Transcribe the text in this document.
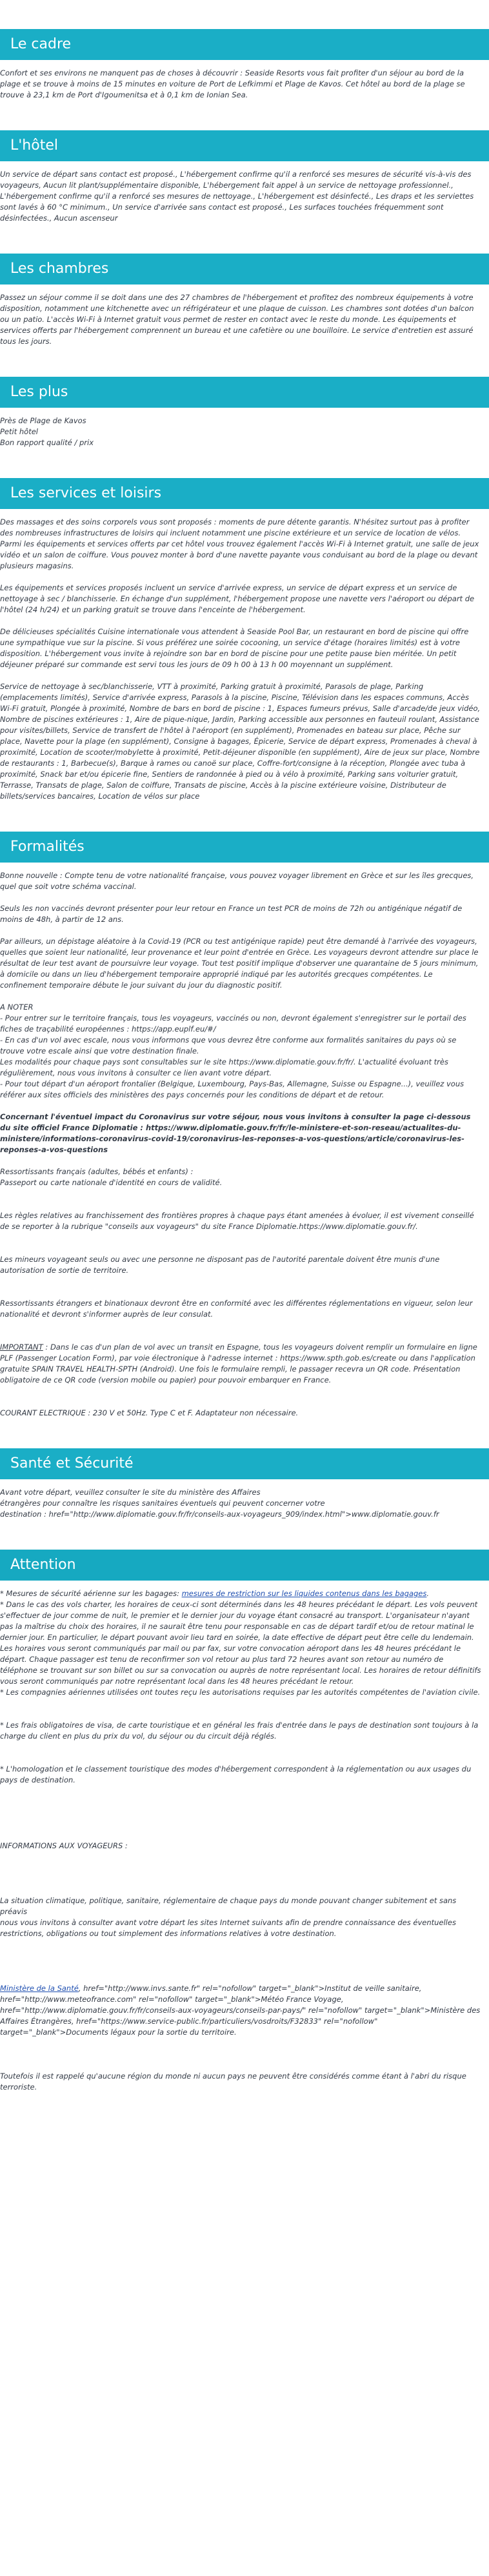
Le cadre

Confort et ses environs ne manquent pas de choses à découvrir : Seaside Resorts vous fait profiter d'un séjour au bord de la plage et se trouve à moins de 15 minutes en voiture de Port de Lefkimmi et Plage de Kavos. Cet hôtel au bord de la plage se trouve à 23,1 km de Port d'Igoumenitsa et à 0,1 km de Ionian Sea.

L'hôtel

Un service de départ sans contact est proposé., L'hébergement confirme qu'il a renforcé ses mesures de sécurité vis-à-vis des voyageurs, Aucun lit plant/supplémentaire disponible, L'hébergement fait appel à un service de nettoyage professionnel., L'hébergement confirme qu'il a renforcé ses mesures de nettoyage., L'hébergement est désinfecté., Les draps et les serviettes sont lavés à 60 °C minimum., Un service d'arrivée sans contact est proposé., Les surfaces touchées fréquemment sont désinfectées., Aucun ascenseur

Les chambres

Passez un séjour comme il se doit dans une des 27 chambres de l'hébergement et profitez des nombreux équipements à votre disposition, notamment une kitchenette avec un réfrigérateur et une plaque de cuisson. Les chambres sont dotées d'un balcon ou un patio. L'accès Wi-Fi à Internet gratuit vous permet de rester en contact avec le reste du monde. Les équipements et services offerts par l'hébergement comprennent un bureau et une cafetière ou une bouilloire. Le service d'entretien est assuré tous les jours.

Les plus

Près de Plage de Kavos

Petit hôtel

Bon rapport qualité / prix

Les services et loisirs

Des massages et des soins corporels vous sont proposés : moments de pure détente garantis. N'hésitez surtout pas à profiter des nombreuses infrastructures de loisirs qui incluent notamment une piscine extérieure et un service de location de vélos. Parmi les équipements et services offerts par cet hôtel vous trouvez également l'accès Wi-Fi à Internet gratuit, une salle de jeux vidéo et un salon de coiffure. Vous pouvez monter à bord d'une navette payante vous conduisant au bord de la plage ou devant plusieurs magasins.

Les équipements et services proposés incluent un service d'arrivée express, un service de départ express et un service de nettoyage à sec / blanchisserie. En échange d'un supplément, l'hébergement propose une navette vers l'aéroport ou départ de l'hôtel (24 h/24) et un parking gratuit se trouve dans l'enceinte de l'hébergement.

De délicieuses spécialités Cuisine internationale vous attendent à Seaside Pool Bar, un restaurant en bord de piscine qui offre une sympathique vue sur la piscine. Si vous préférez une soirée cocooning, un service d'étage (horaires limités) est à votre disposition. L'hébergement vous invite à rejoindre son bar en bord de piscine pour une petite pause bien méritée. Un petit déjeuner préparé sur commande est servi tous les jours de 09 h 00 à 13 h 00 moyennant un supplément.

Service de nettoyage à sec/blanchisserie, VTT à proximité, Parking gratuit à proximité, Parasols de plage, Parking (emplacements limités), Service d'arrivée express, Parasols à la piscine, Piscine, Télévision dans les espaces communs, Accès Wi-Fi gratuit, Plongée à proximité, Nombre de bars en bord de piscine : 1, Espaces fumeurs prévus, Salle d'arcade/de jeux vidéo, Nombre de piscines extérieures : 1, Aire de pique-nique, Jardin, Parking accessible aux personnes en fauteuil roulant, Assistance pour visites/billets, Service de transfert de l'hôtel à l'aéroport (en supplément), Promenades en bateau sur place, Pêche sur place, Navette pour la plage (en supplément), Consigne à bagages, Épicerie, Service de départ express, Promenades à cheval à proximité, Location de scooter/mobylette à proximité, Petit-déjeuner disponible (en supplément), Aire de jeux sur place, Nombre de restaurants : 1, Barbecue(s), Barque à rames ou canoë sur place, Coffre-fort/consigne à la réception, Plongée avec tuba à proximité, Snack bar et/ou épicerie fine, Sentiers de randonnée à pied ou à vélo à proximité, Parking sans voiturier gratuit, Terrasse, Transats de plage, Salon de coiffure, Transats de piscine, Accès à la piscine extérieure voisine, Distributeur de billets/services bancaires, Location de vélos sur place

Formalités

Bonne nouvelle : Compte tenu de votre nationalité française, vous pouvez voyager librement en Grèce et sur les îles grecques, quel que soit votre schéma vaccinal.

Seuls les non vaccinés devront présenter pour leur retour en France un test PCR de moins de 72h ou antigénique négatif de moins de 48h, à partir de 12 ans.

Par ailleurs, un dépistage aléatoire à la Covid-19 (PCR ou test antigénique rapide) peut être demandé à l'arrivée des voyageurs, quelles que soient leur nationalité, leur provenance et leur point d'entrée en Grèce. Les voyageurs devront attendre sur place le résultat de leur test avant de poursuivre leur voyage. Tout test positif implique d'observer une quarantaine de 5 jours minimum, à domicile ou dans un lieu d'hébergement temporaire approprié indiqué par les autorités grecques compétentes. Le confinement temporaire débute le jour suivant du jour du diagnostic positif.

A NOTER

- Pour entrer sur le territoire français, tous les voyageurs, vaccinés ou non, devront également s'enregistrer sur le portail des fiches de traçabilité européennes : https://app.euplf.eu/#/

- En cas d'un vol avec escale, nous vous informons que vous devrez être conforme aux formalités sanitaires du pays où se trouve votre escale ainsi que votre destination finale.

Les modalités pour chaque pays sont consultables sur le site https://www.diplomatie.gouv.fr/fr/. L'actualité évoluant très régulièrement, nous vous invitons à consulter ce lien avant votre départ.

- Pour tout départ d'un aéroport frontalier (Belgique, Luxembourg, Pays-Bas, Allemagne, Suisse ou Espagne...), veuillez vous référer aux sites officiels des ministères des pays concernés pour les conditions de départ et de retour.

Concernant l'éventuel impact du Coronavirus sur votre séjour, nous vous invitons à consulter la page ci-dessous du site officiel France Diplomatie : https://www.diplomatie.gouv.fr/fr/le-ministere-et-son-reseau/actualites-du-ministere/informations-coronavirus-covid-19/coronavirus-les-reponses-a-vos-questions/article/coronavirus-les-reponses-a-vos-questions

Ressortissants français (adultes, bébés et enfants) :

Passeport ou carte nationale d'identité en cours de validité.

Les règles relatives au franchissement des frontières propres à chaque pays étant amenées à évoluer, il est vivement conseillé de se reporter à la rubrique "conseils aux voyageurs" du site France Diplomatie.https://www.diplomatie.gouv.fr/.

Les mineurs voyageant seuls ou avec une personne ne disposant pas de l'autorité parentale doivent être munis d'une autorisation de sortie de territoire.

Ressortissants étrangers et binationaux devront être en conformité avec les différentes réglementations en vigueur, selon leur nationalité et devront s'informer auprès de leur consulat.

IMPORTANT : Dans le cas d'un plan de vol avec un transit en Espagne, tous les voyageurs doivent remplir un formulaire en ligne PLF (Passenger Location Form), par voie électronique à l'adresse internet : https://www.spth.gob.es/create ou dans l'application gratuite SPAIN TRAVEL HEALTH-SPTH (Android). Une fois le formulaire rempli, le passager recevra un QR code. Présentation obligatoire de ce QR code (version mobile ou papier) pour pouvoir embarquer en France.

COURANT ELECTRIQUE : 230 V et 50Hz. Type C et F. Adaptateur non nécessaire.

Santé et Sécurité

Avant votre départ, veuillez consulter le site du ministère des Affaires

étrangères pour connaître les risques sanitaires éventuels qui peuvent concerner votre

destination : href="http://www.diplomatie.gouv.fr/fr/conseils-aux-voyageurs_909/index.html">www.diplomatie.gouv.fr

Attention

* Mesures de sécurité aérienne sur les bagages: mesures de restriction sur les liquides contenus dans les bagages.

* Dans le cas des vols charter, les horaires de ceux-ci sont déterminés dans les 48 heures précédant le départ. Les vols peuvent s'effectuer de jour comme de nuit, le premier et le dernier jour du voyage étant consacré au transport. L'organisateur n'ayant pas la maîtrise du choix des horaires, il ne saurait être tenu pour responsable en cas de départ tardif et/ou de retour matinal le dernier jour. En particulier, le départ pouvant avoir lieu tard en soirée, la date effective de départ peut être celle du lendemain. Les horaires vous seront communiqués par mail ou par fax, sur votre convocation aéroport dans les 48 heures précédant le départ. Chaque passager est tenu de reconfirmer son vol retour au plus tard 72 heures avant son retour au numéro de téléphone se trouvant sur son billet ou sur sa convocation ou auprès de notre représentant local. Les horaires de retour définitifs vous seront communiqués par notre représentant local dans les 48 heures précédant le retour.

* Les compagnies aériennes utilisées ont toutes reçu les autorisations requises par les autorités compétentes de l'aviation civile.

* Les frais obligatoires de visa, de carte touristique et en général les frais d'entrée dans le pays de destination sont toujours à la charge du client en plus du prix du vol, du séjour ou du circuit déjà réglés.

* L'homologation et le classement touristique des modes d'hébergement correspondent à la réglementation ou aux usages du pays de destination.

INFORMATIONS AUX VOYAGEURS :

La situation climatique, politique, sanitaire, réglementaire de chaque pays du monde pouvant changer subitement et sans préavis

nous vous invitons à consulter avant votre départ les sites Internet suivants afin de prendre connaissance des éventuelles restrictions, obligations ou tout simplement des informations relatives à votre destination.

Ministère de la Santé, href="http://www.invs.sante.fr" rel="nofollow" target="_blank">Institut de veille sanitaire, href="http://www.meteofrance.com" rel="nofollow" target="_blank">Météo France Voyage, href="http://www.diplomatie.gouv.fr/fr/conseils-aux-voyageurs/conseils-par-pays/" rel="nofollow" target="_blank">Ministère des Affaires Étrangères, href="https://www.service-public.fr/particuliers/vosdroits/F32833" rel="nofollow" target="_blank">Documents légaux pour la sortie du territoire.

Toutefois il est rappelé qu'aucune région du monde ni aucun pays ne peuvent être considérés comme étant à l'abri du risque terroriste.
